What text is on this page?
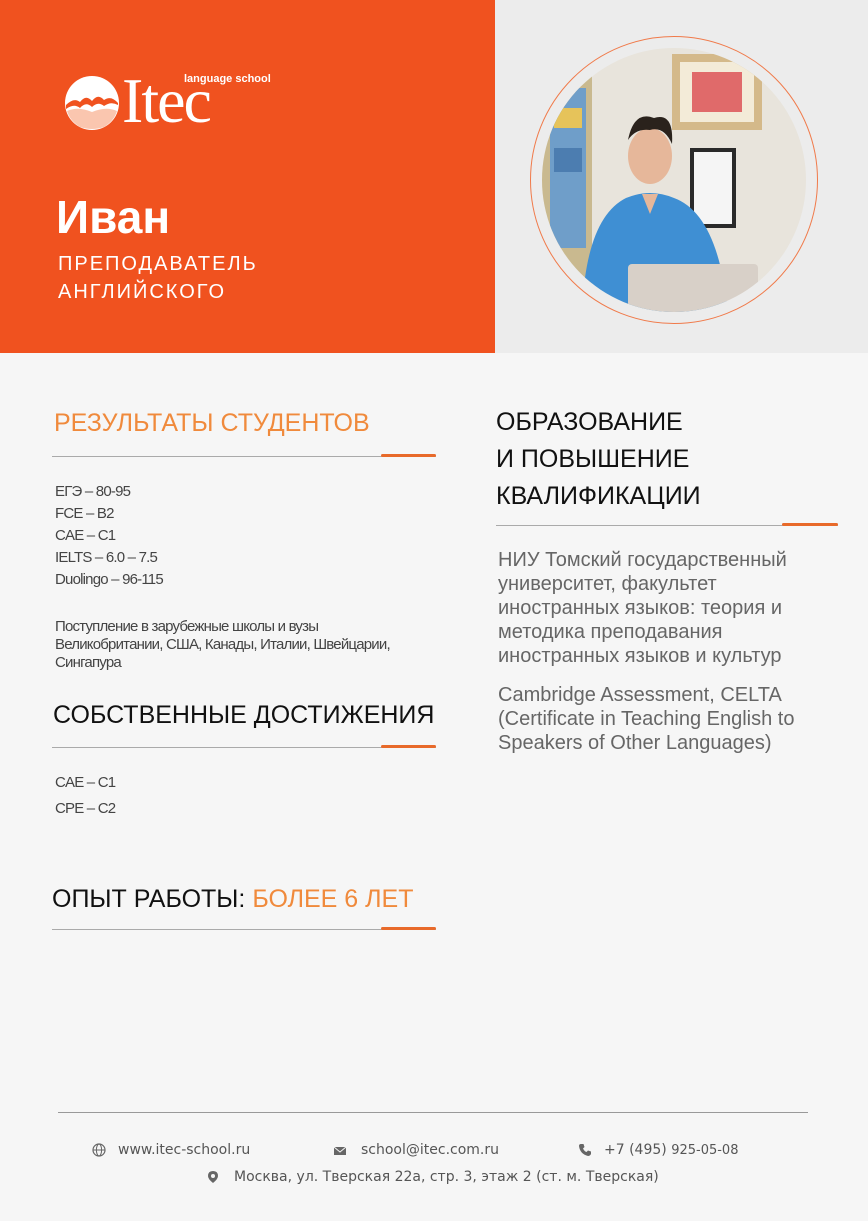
Itec
language school
Иван
ПРЕПОДАВАТЕЛЬ
АНГЛИЙСКОГО
РЕЗУЛЬТАТЫ СТУДЕНТОВ
ЕГЭ – 80-95
FCE – B2
CAE – C1
IELTS – 6.0 – 7.5
Duolingo – 96-115
Поступление в зарубежные школы и вузы
Великобритании, США, Канады, Италии, Швейцарии,
Сингапура
СОБСТВЕННЫЕ ДОСТИЖЕНИЯ
CAE – C1
CPE – C2
ОПЫТ РАБОТЫ: БОЛЕЕ 6 ЛЕТ
ОБРАЗОВАНИЕ
И ПОВЫШЕНИЕ
КВАЛИФИКАЦИИ
НИУ Томский государственный
университет, факультет
иностранных языков: теория и
методика преподавания
иностранных языков и культур
Cambridge Assessment, CELTA
(Certificate in Teaching English to
Speakers of Other Languages)
www.itec-school.ru	school@itec.com.ru	+7 (495) 925-05-08
Москва, ул. Тверская 22а, стр. 3, этаж 2 (ст. м. Тверская)
